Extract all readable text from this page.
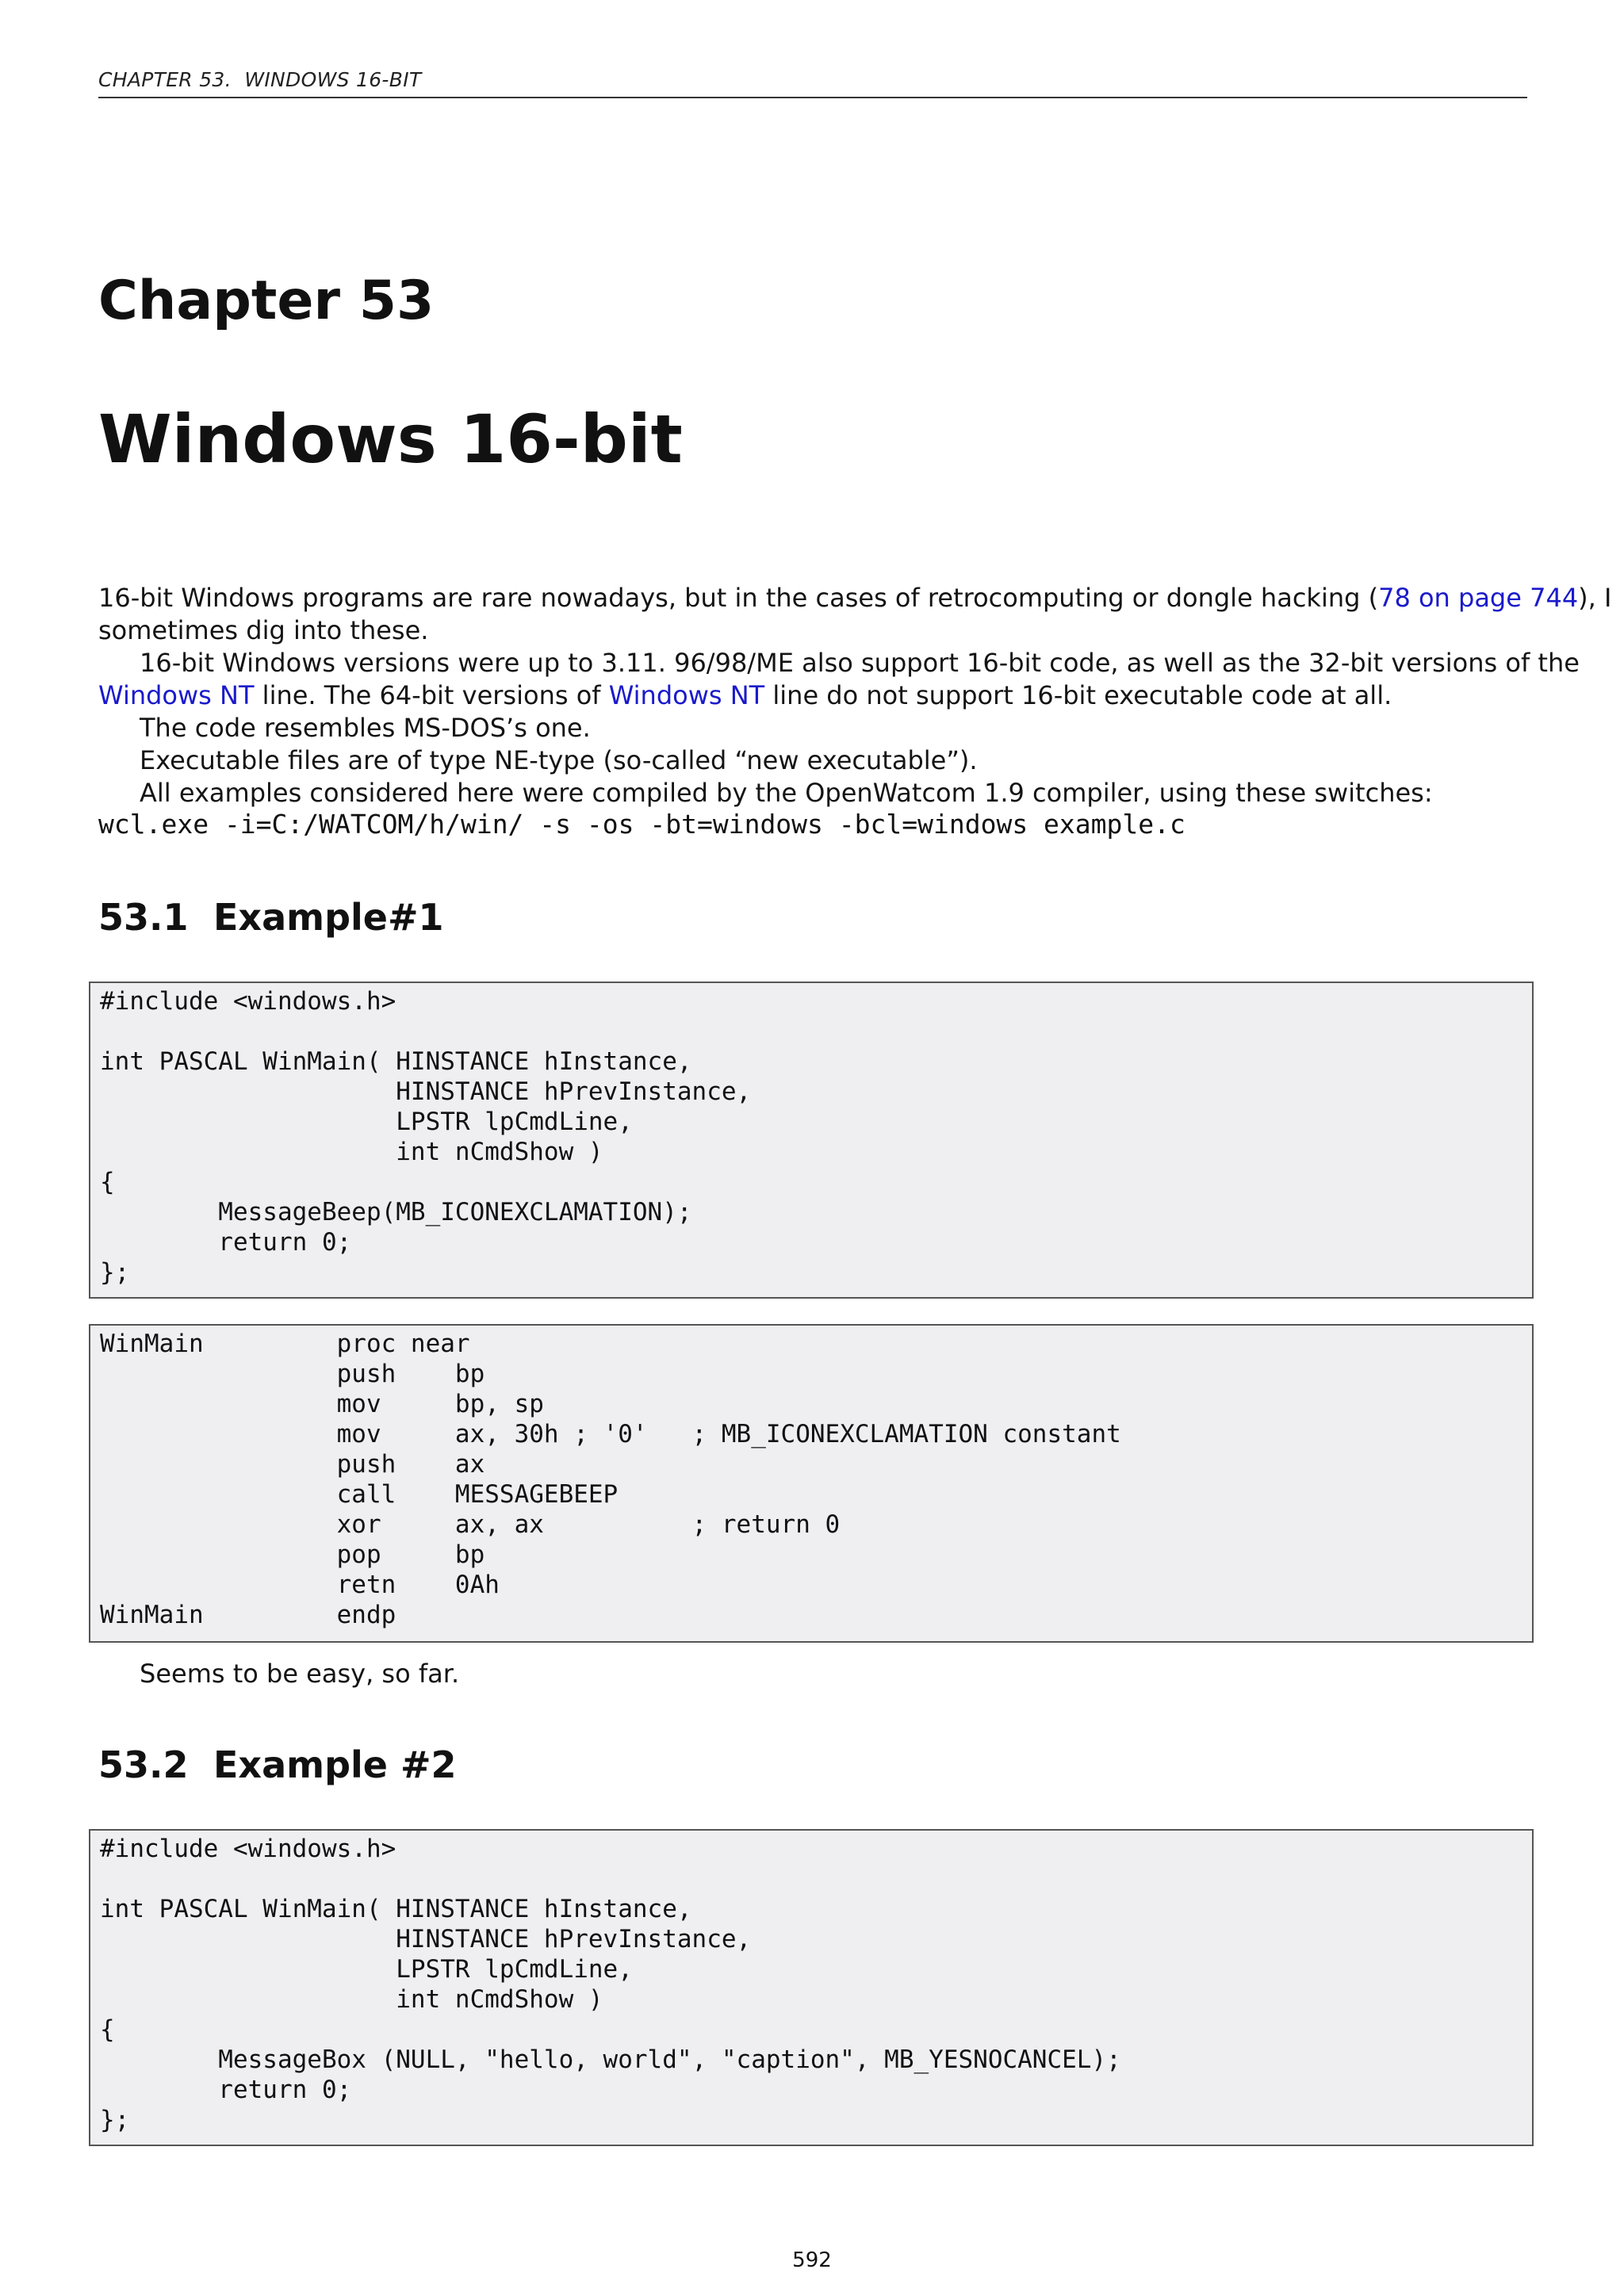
CHAPTER 53.  WINDOWS 16-BIT
Chapter 53
Windows 16-bit
16-bit Windows programs are rare nowadays, but in the cases of retrocomputing or dongle hacking (78 on page 744), I
sometimes dig into these.
16-bit Windows versions were up to 3.11. 96/98/ME also support 16-bit code, as well as the 32-bit versions of the
Windows NT line. The 64-bit versions of Windows NT line do not support 16-bit executable code at all.
The code resembles MS-DOS’s one.
Executable files are of type NE-type (so-called “new executable”).
All examples considered here were compiled by the OpenWatcom 1.9 compiler, using these switches:
wcl.exe -i=C:/WATCOM/h/win/ -s -os -bt=windows -bcl=windows example.c
53.1 Example#1
#include <windows.h>
int PASCAL WinMain( HINSTANCE hInstance,
HINSTANCE hPrevInstance,
LPSTR lpCmdLine,
int nCmdShow )
{
MessageBeep(MB_ICONEXCLAMATION);
return 0;
};
WinMain         proc near
push    bp
mov     bp, sp
mov     ax, 30h ; '0'   ; MB_ICONEXCLAMATION constant
push    ax
call    MESSAGEBEEP
xor     ax, ax          ; return 0
pop     bp
retn    0Ah
WinMain         endp
Seems to be easy, so far.
53.2 Example #2
#include <windows.h>
int PASCAL WinMain( HINSTANCE hInstance,
HINSTANCE hPrevInstance,
LPSTR lpCmdLine,
int nCmdShow )
{
MessageBox (NULL, "hello, world", "caption", MB_YESNOCANCEL);
return 0;
};
592
